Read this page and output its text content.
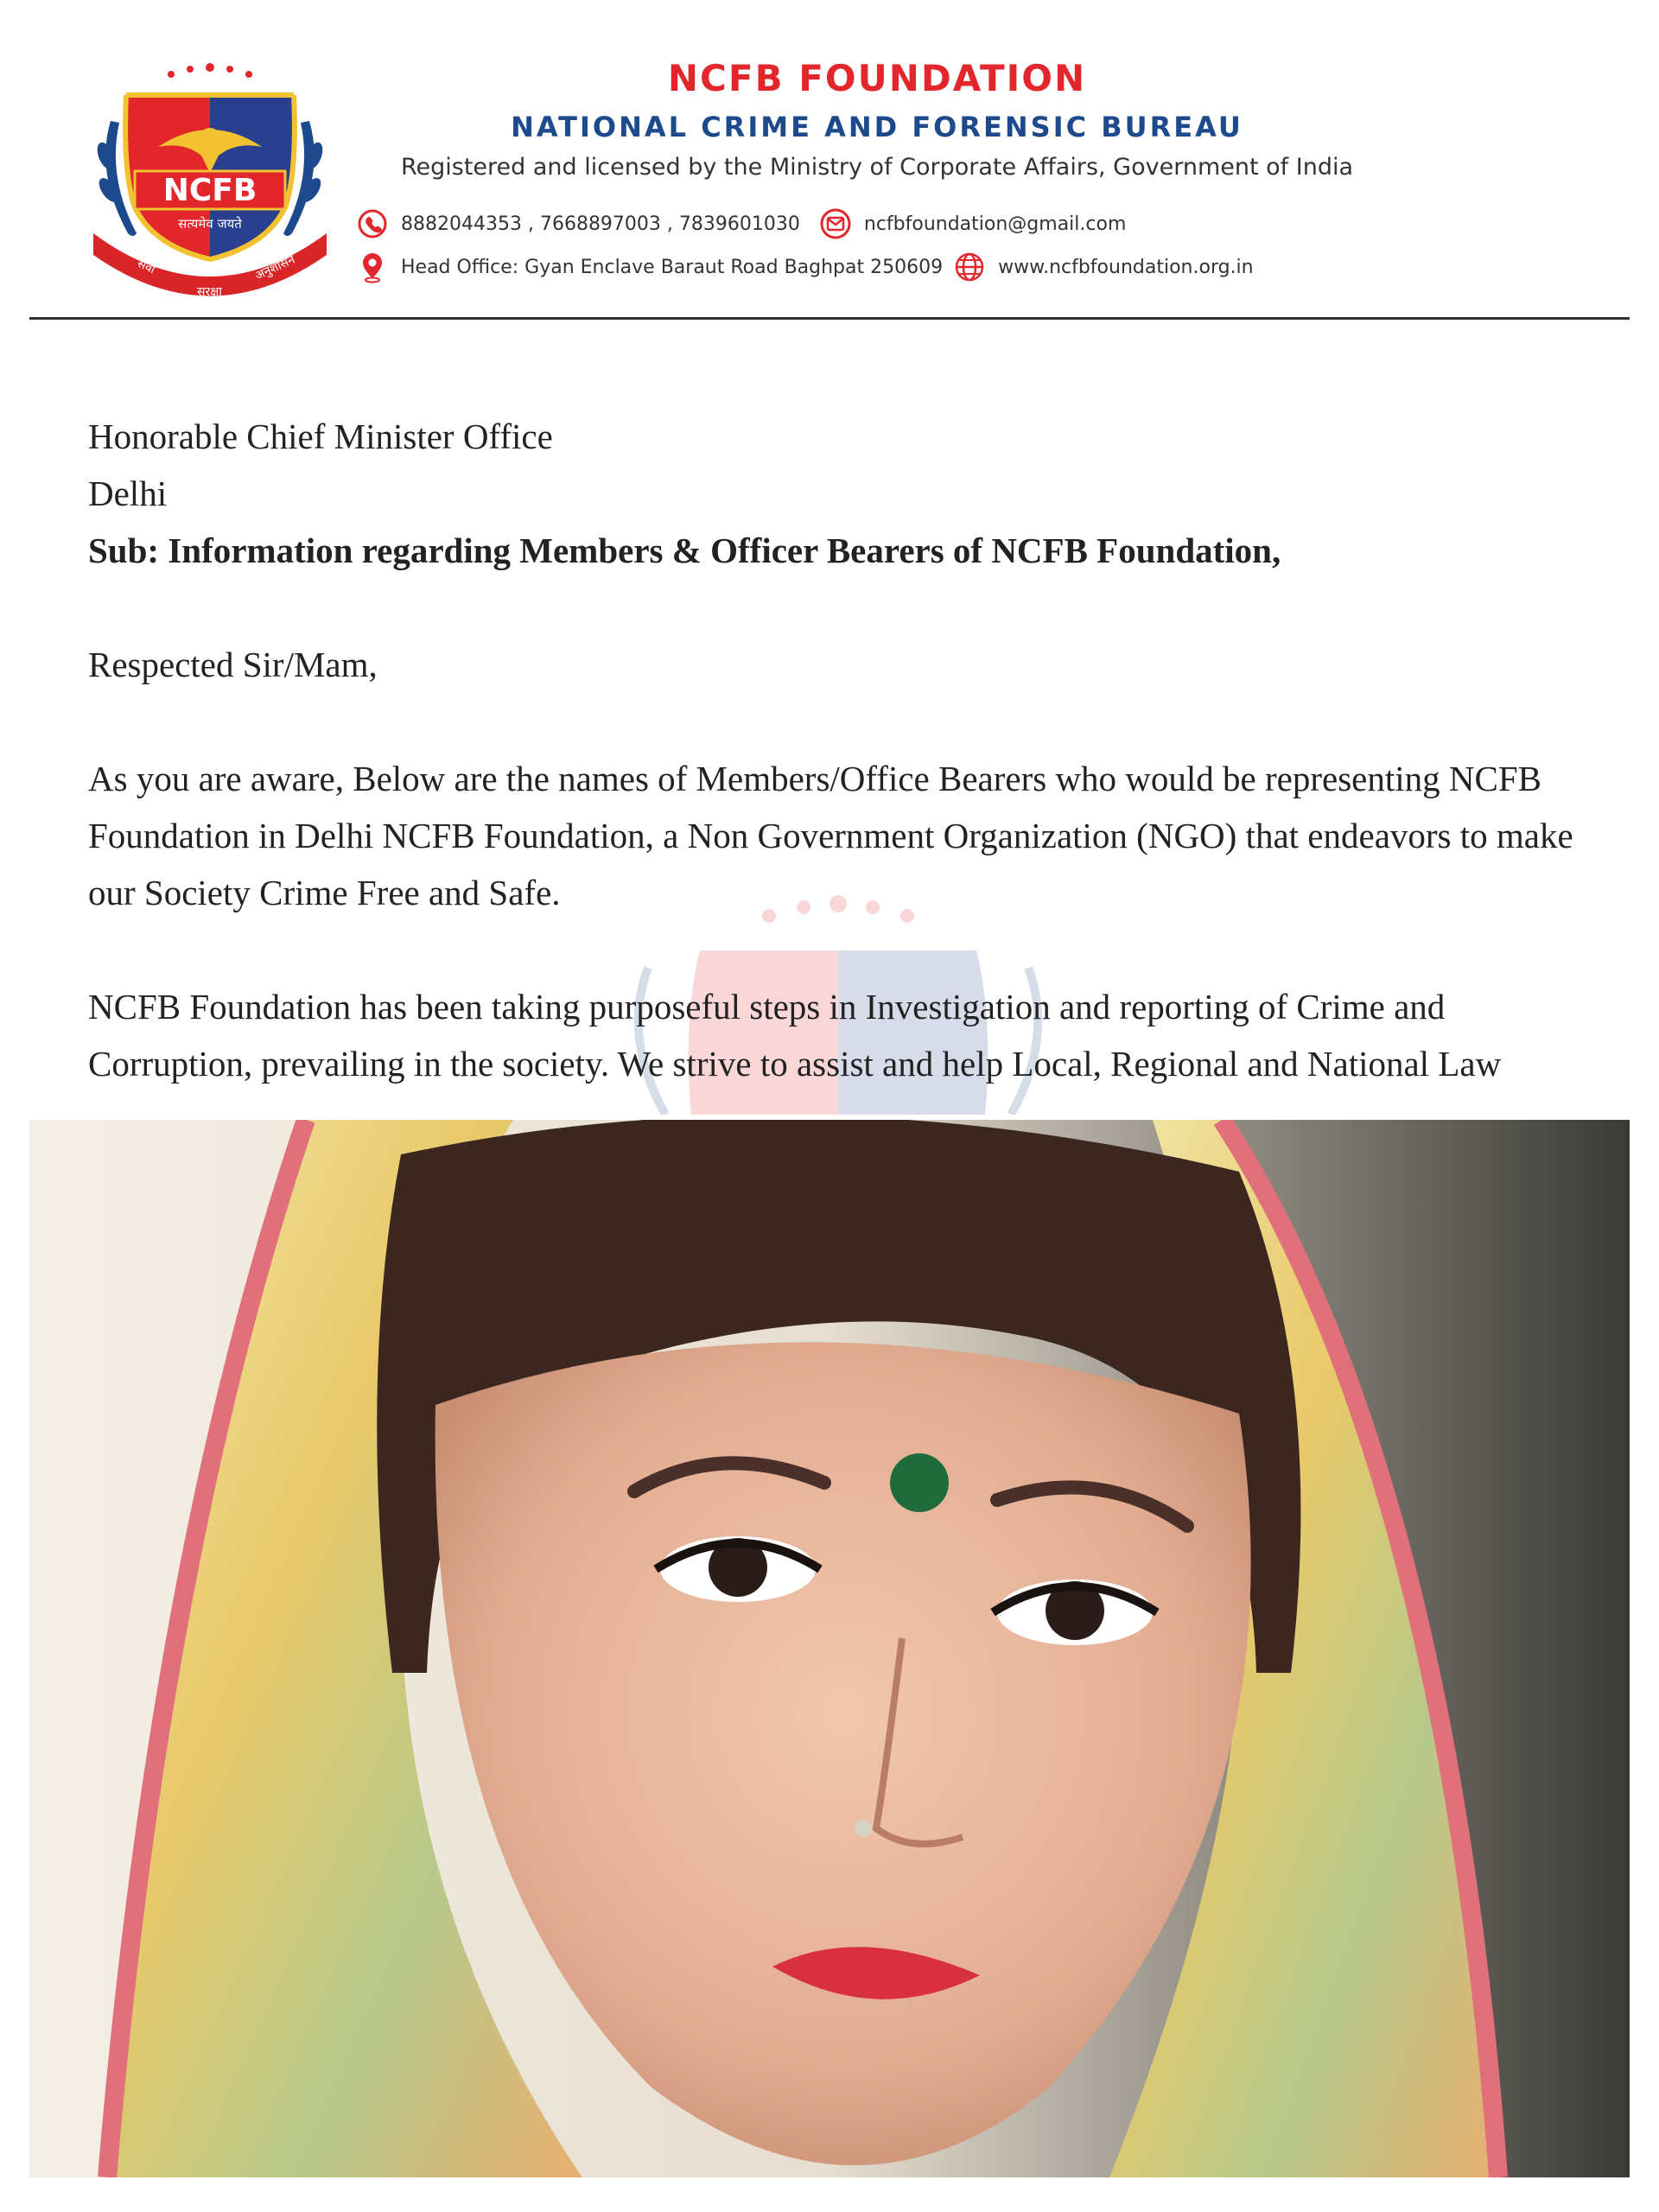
NCFB
सत्यमेव जयते
सेवा
सुरक्षा
अनुशासन
NCFB FOUNDATION
NATIONAL CRIME AND FORENSIC BUREAU

Registered and licensed by the Ministry of Corporate Affairs, Government of India

8882044353 , 7668897003 , 7839601030	ncfbfoundation@gmail.com
Head Office: Gyan Enclave Baraut Road Baghpat 250609	www.ncfbfoundation.org.in

Honorable Chief Minister Office

Delhi

Sub: Information regarding Members & Officer Bearers of NCFB Foundation,

Respected Sir/Mam,

As you are aware, Below are the names of Members/Office Bearers who would be representing NCFB Foundation in Delhi NCFB Foundation, a Non Government Organization (NGO) that endeavors to make our Society Crime Free and Safe.

NCFB Foundation has been taking purposeful steps in Investigation and reporting of Crime and Corruption, prevailing in the society. We strive to assist and help Local, Regional and National Law
